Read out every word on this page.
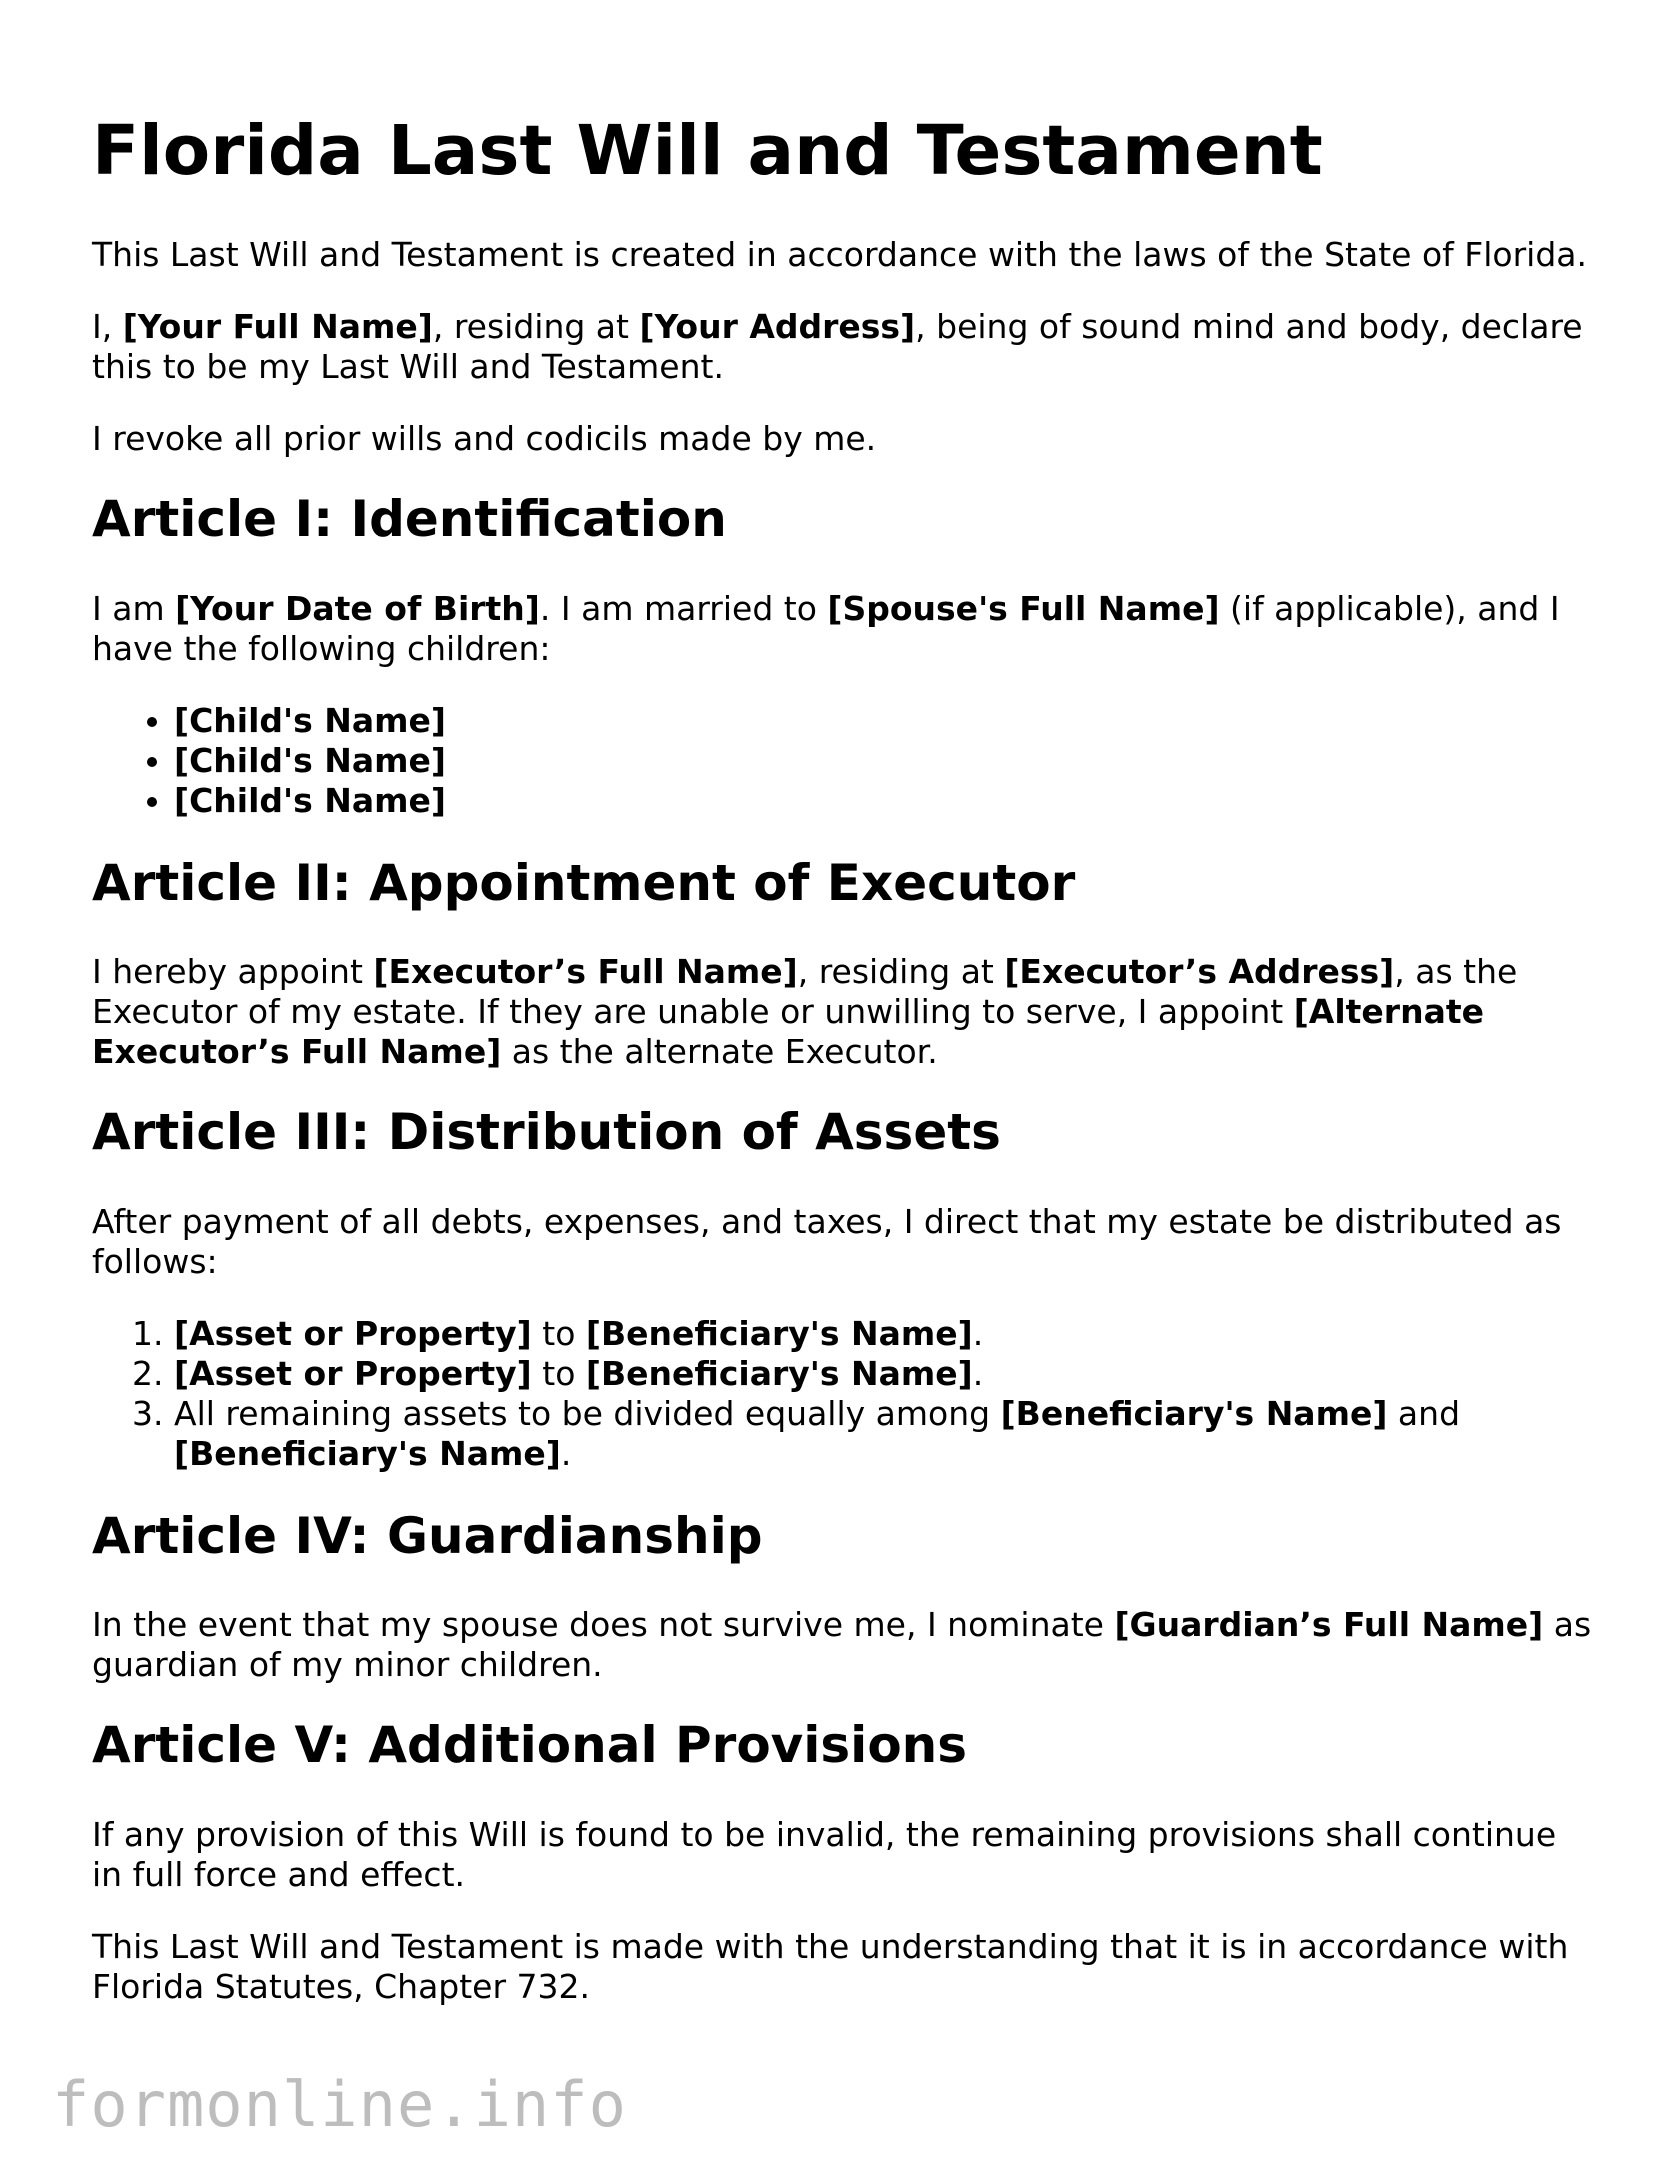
Florida Last Will and Testament

This Last Will and Testament is created in accordance with the laws of the State of Florida.

I, [Your Full Name], residing at [Your Address], being of sound mind and body, declare this to be my Last Will and Testament.

I revoke all prior wills and codicils made by me.

Article I: Identification

I am [Your Date of Birth]. I am married to [Spouse's Full Name] (if applicable), and I have the following children:

• [Child's Name]
• [Child's Name]
• [Child's Name]
Article II: Appointment of Executor

I hereby appoint [Executor’s Full Name], residing at [Executor’s Address], as the Executor of my estate. If they are unable or unwilling to serve, I appoint [Alternate Executor’s Full Name] as the alternate Executor.

Article III: Distribution of Assets

After payment of all debts, expenses, and taxes, I direct that my estate be distributed as follows:

1. [Asset or Property] to [Beneficiary's Name].
2. [Asset or Property] to [Beneficiary's Name].
3. All remaining assets to be divided equally among [Beneficiary's Name] and [Beneficiary's Name].
Article IV: Guardianship

In the event that my spouse does not survive me, I nominate [Guardian’s Full Name] as guardian of my minor children.

Article V: Additional Provisions

If any provision of this Will is found to be invalid, the remaining provisions shall continue in full force and effect.

This Last Will and Testament is made with the understanding that it is in accordance with Florida Statutes, Chapter 732.

formonline.info
